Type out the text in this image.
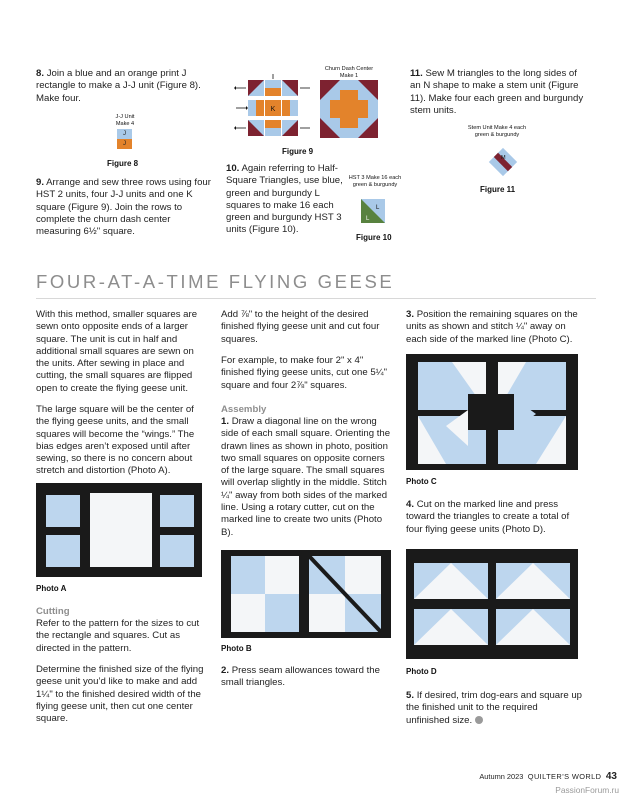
8. Join a blue and an orange print J rectangle to make a J-J unit (Figure 8). Make four.

J-J Unit Make 4
J
J
Figure 8

9. Arrange and sew three rows using four HST 2 units, four J-J units and one K square (Figure 9). Join the rows to complete the churn dash center measuring 6½" square.

Churn Dash Center Make 1
K
Figure 9

10. Again referring to Half-Square Triangles, use blue, green and burgundy L squares to make 16 each green and burgundy HST 3 units (Figure 10).

HST 3 Make 16 each green & burgundy
L
L
Figure 10

11. Sew M triangles to the long sides of an N shape to make a stem unit (Figure 11). Make four each green and burgundy stem units.

Stem Unit Make 4 each green & burgundy
M
Figure 11
FOUR-AT-A-TIME FLYING GEESE

With this method, smaller squares are sewn onto opposite ends of a larger square. The unit is cut in half and additional small squares are sewn on the units. After sewing in place and cutting, the small squares are flipped open to create the flying geese unit.

The large square will be the center of the flying geese units, and the small squares will become the “wings.” The bias edges aren’t exposed until after sewing, so there is no concern about stretch and distortion (Photo A).

Photo A
Cutting

Refer to the pattern for the sizes to cut the rectangle and squares. Cut as directed in the pattern.

Determine the finished size of the flying geese unit you’d like to make and add 1¼" to the finished desired width of the flying geese unit, then cut one center square.

Add ⅞" to the height of the desired finished flying geese unit and cut four squares.

For example, to make four 2" x 4" finished flying geese units, cut one 5¼" square and four 2⅞" squares.

Assembly

1. Draw a diagonal line on the wrong side of each small square. Orienting the drawn lines as shown in photo, position two small squares on opposite corners of the large square. The small squares will overlap slightly in the middle. Stitch ¼" away from both sides of the marked line. Using a rotary cutter, cut on the marked line to create two units (Photo B).

Photo B

2. Press seam allowances toward the small triangles.

3. Position the remaining squares on the units as shown and stitch ¼" away on each side of the marked line (Photo C).

Photo C

4. Cut on the marked line and press toward the triangles to create a total of four flying geese units (Photo D).

Photo D

5. If desired, trim dog-ears and square up the finished unit to the required unfinished size.

Autumn 2023 QUILTER’S WORLD 43
PassionForum.ru
